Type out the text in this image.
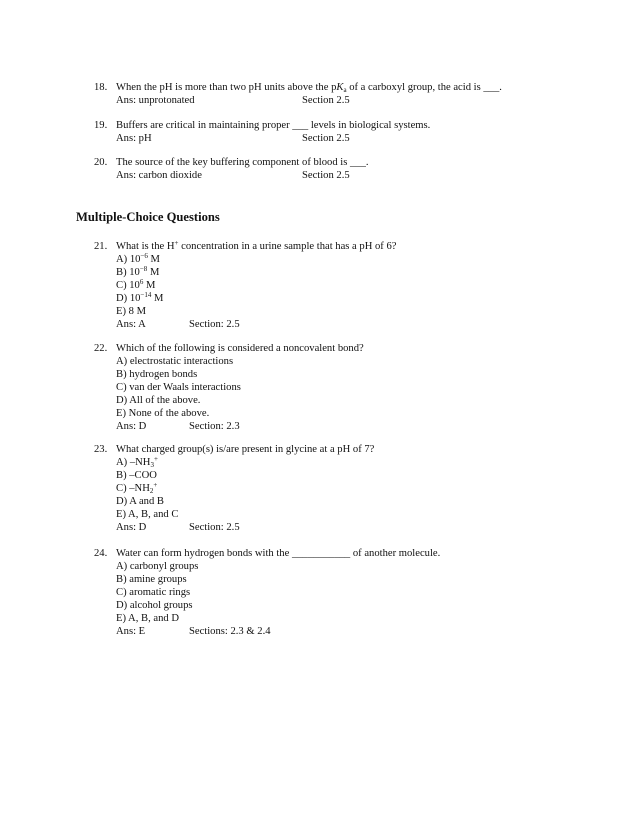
18. When the pH is more than two pH units above the $pK_a$ of a carboxyl group, the acid is ___.
Ans: unprotonated	Section 2.5
19. Buffers are critical in maintaining proper ___ levels in biological systems.
Ans: pH	Section 2.5
20. The source of the key buffering component of blood is ___.
Ans: carbon dioxide	Section 2.5
Multiple-Choice Questions
21. What is the H+ concentration in a urine sample that has a pH of 6?
A) $10^{-6}$ M
B) $10^{-8}$ M
C) $10^6$ M
D) $10^{-14}$ M
E) 8 M
Ans: A	Section: 2.5
22. Which of the following is considered a noncovalent bond?
A) electrostatic interactions
B) hydrogen bonds
C) van der Waals interactions
D) All of the above.
E) None of the above.
Ans: D	Section: 2.3
23. What charged group(s) is/are present in glycine at a pH of 7?
A) $-NH_3^+$
B) –COO
C) $-NH_2^+$
D) A and B
E) A, B, and C
Ans: D	Section: 2.5
24. Water can form hydrogen bonds with the ___________ of another molecule.
A) carbonyl groups
B) amine groups
C) aromatic rings
D) alcohol groups
E) A, B, and D
Ans: E	Sections: 2.3 & 2.4
